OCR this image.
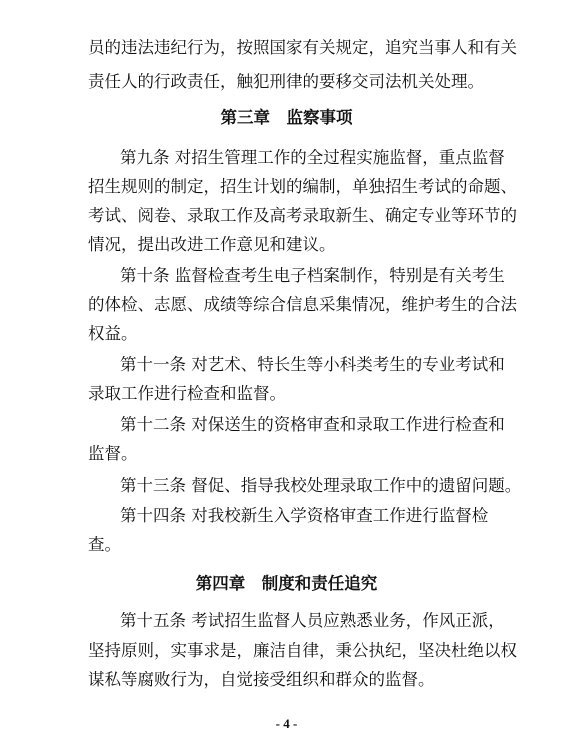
员的违法违纪行为，按照国家有关规定，追究当事人和有关
责任人的行政责任，触犯刑律的要移交司法机关处理。
第三章　监察事项
第九条 对招生管理工作的全过程实施监督，重点监督
招生规则的制定，招生计划的编制，单独招生考试的命题、
考试、阅卷、录取工作及高考录取新生、确定专业等环节的
情况，提出改进工作意见和建议。
第十条 监督检查考生电子档案制作，特别是有关考生
的体检、志愿、成绩等综合信息采集情况，维护考生的合法
权益。
第十一条 对艺术、特长生等小科类考生的专业考试和
录取工作进行检查和监督。
第十二条 对保送生的资格审查和录取工作进行检查和
监督。
第十三条 督促、指导我校处理录取工作中的遗留问题。
第十四条 对我校新生入学资格审查工作进行监督检
查。
第四章　制度和责任追究
第十五条 考试招生监督人员应熟悉业务，作风正派，
坚持原则，实事求是，廉洁自律，秉公执纪，坚决杜绝以权
谋私等腐败行为，自觉接受组织和群众的监督。
- 4 -
